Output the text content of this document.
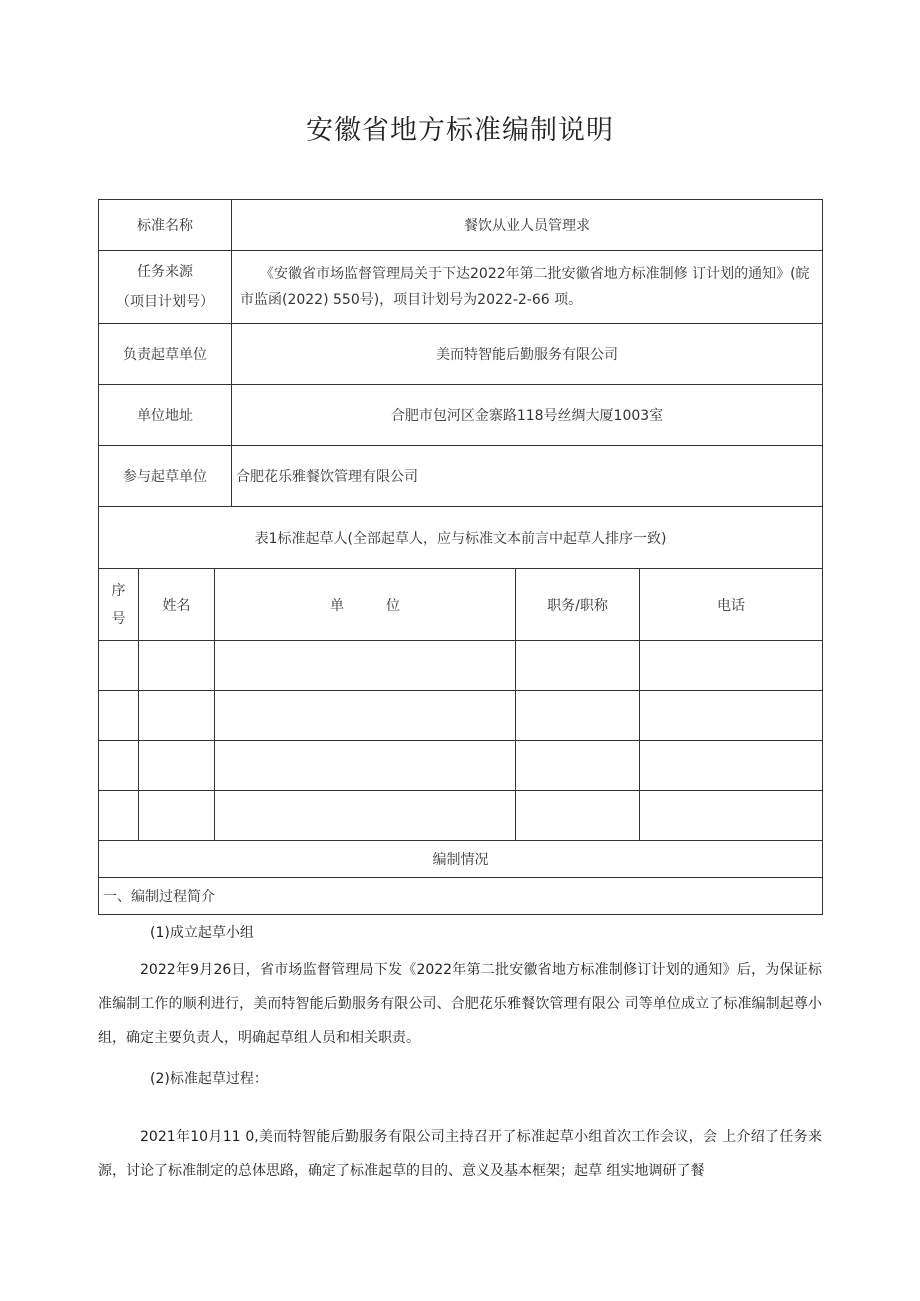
安徽省地方标准编制说明
标准名称			餐饮从业人员管理求		

任务来源
（项目计划号）			《安徽省市场监督管理局关于下达2022年第二批安徽省地方标准制修 订计划的通知》(皖市监函(2022) 550号)，项目计划号为2022-2-66 项。		
负责起草单位			美而特智能后勤服务有限公司		
单位地址			合肥市包河区金寨路118号丝绸大厦1003室		
参与起草单位			合肥花乐雅餐饮管理有限公司		
表1标准起草人(全部起草人，应与标准文本前言中起草人排序一致)					

序
号	姓名	单　　　位		职务/职称	电话

编制情况					
一、编制过程简介					

(1)成立起草小组

2022年9月26日，省市场监督管理局下发《2022年第二批安徽省地方标准制修订计划的通知》后，为保证标准编制工作的顺利进行，美而特智能后勤服务有限公司、合肥花乐雅餐饮管理有限公 司等单位成立了标准编制起尊小组，确定主要负责人，明确起草组人员和相关职责。

(2)标准起草过程：

2021年10月11 0,美而特智能后勤服务有限公司主持召开了标准起草小组首次工作会议，会 上介绍了任务来源，讨论了标准制定的总体思路，确定了标准起草的目的、意义及基本框架；起草 组实地调研了餐
